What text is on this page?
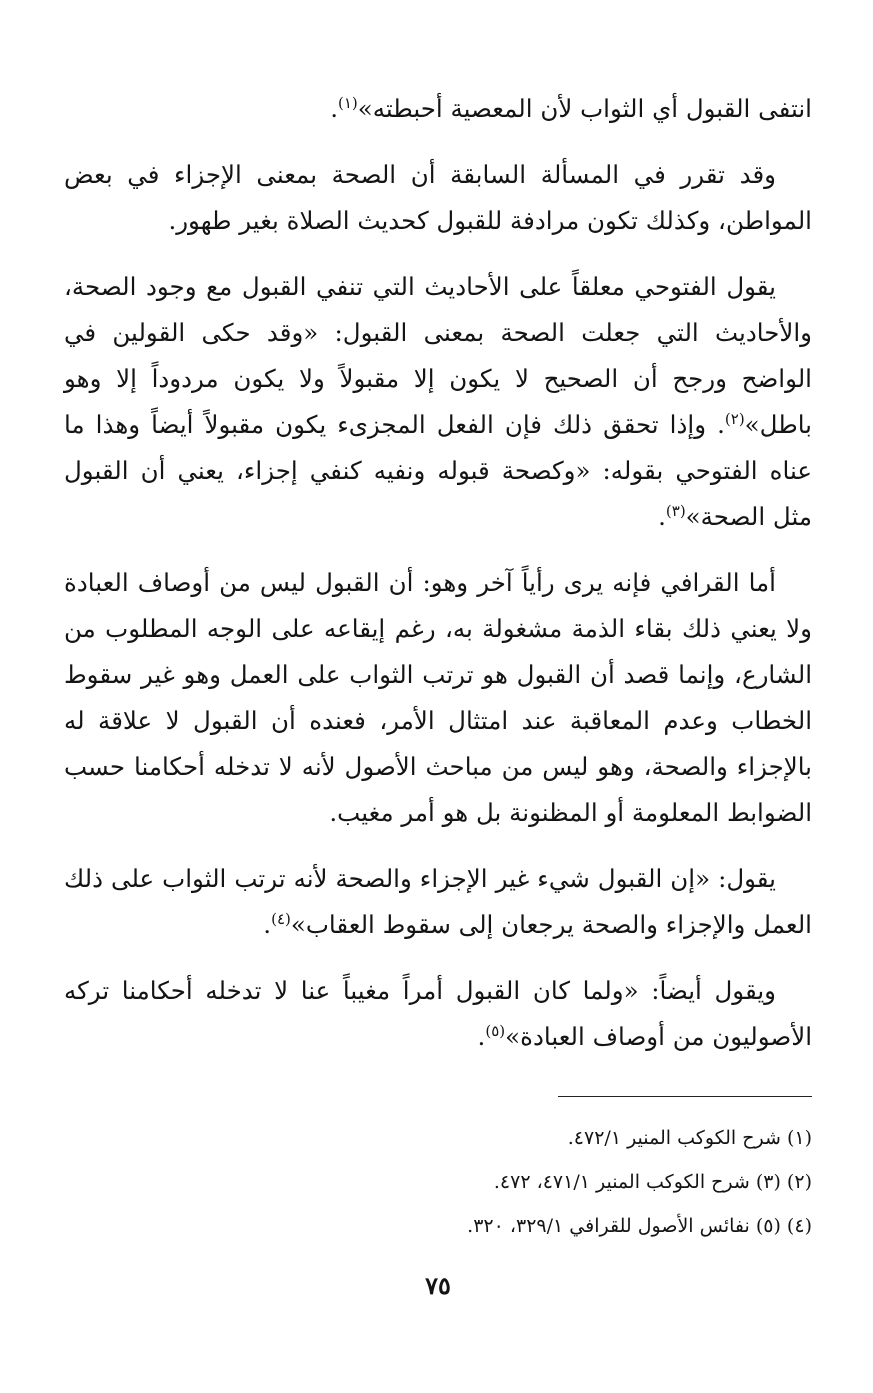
انتفى القبول أي الثواب لأن المعصية أحبطته»$^{(١)}$.

وقد تقرر في المسألة السابقة أن الصحة بمعنى الإجزاء في بعض المواطن، وكذلك تكون مرادفة للقبول كحديث الصلاة بغير طهور.

يقول الفتوحي معلقاً على الأحاديث التي تنفي القبول مع وجود الصحة، والأحاديث التي جعلت الصحة بمعنى القبول: «وقد حكى القولين في الواضح ورجح أن الصحيح لا يكون إلا مقبولاً ولا يكون مردوداً إلا وهو باطل»$^{(٢)}$. وإذا تحقق ذلك فإن الفعل المجزىء يكون مقبولاً أيضاً وهذا ما عناه الفتوحي بقوله: «وكصحة قبوله ونفيه كنفي إجزاء، يعني أن القبول مثل الصحة»$^{(٣)}$.

أما القرافي فإنه يرى رأياً آخر وهو: أن القبول ليس من أوصاف العبادة ولا يعني ذلك بقاء الذمة مشغولة به، رغم إيقاعه على الوجه المطلوب من الشارع، وإنما قصد أن القبول هو ترتب الثواب على العمل وهو غير سقوط الخطاب وعدم المعاقبة عند امتثال الأمر، فعنده أن القبول لا علاقة له بالإجزاء والصحة، وهو ليس من مباحث الأصول لأنه لا تدخله أحكامنا حسب الضوابط المعلومة أو المظنونة بل هو أمر مغيب.

يقول: «إن القبول شيء غير الإجزاء والصحة لأنه ترتب الثواب على ذلك العمل والإجزاء والصحة يرجعان إلى سقوط العقاب»$^{(٤)}$.

ويقول أيضاً: «ولما كان القبول أمراً مغيباً عنا لا تدخله أحكامنا تركه الأصوليون من أوصاف العبادة»$^{(٥)}$.

(١) شرح الكوكب المنير ٤٧٢/١.

(٢) (٣) شرح الكوكب المنير ٤٧١/١، ٤٧٢.

(٤) (٥) نفائس الأصول للقرافي ٣٢٩/١، ٣٢٠.

٧٥
